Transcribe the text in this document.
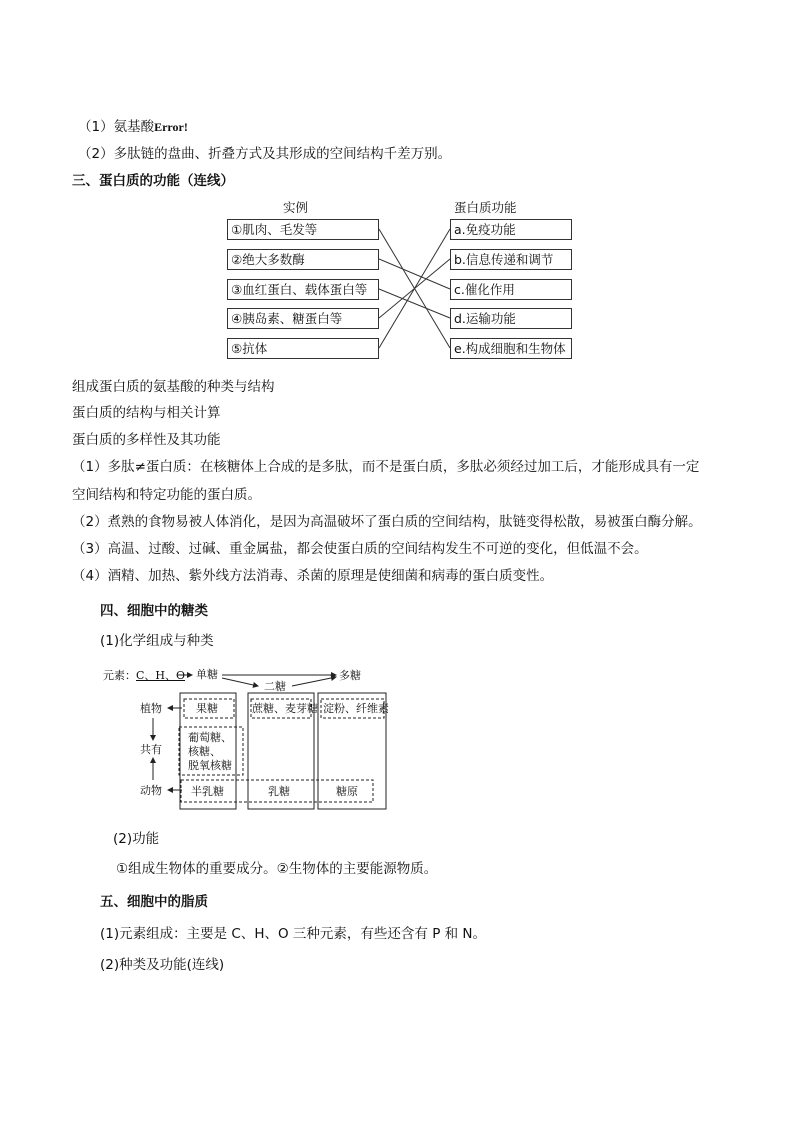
（1）氨基酸Error!
（2）多肽链的盘曲、折叠方式及其形成的空间结构千差万别。
三、蛋白质的功能（连线）
实例	蛋白质功能
①肌肉、毛发等
②绝大多数酶
③血红蛋白、载体蛋白等
④胰岛素、糖蛋白等
⑤抗体
a.免疫功能
b.信息传递和调节
c.催化作用
d.运输功能
e.构成细胞和生物体
组成蛋白质的氨基酸的种类与结构
蛋白质的结构与相关计算
蛋白质的多样性及其功能
（1）多肽≠蛋白质：在核糖体上合成的是多肽，而不是蛋白质，多肽必须经过加工后，才能形成具有一定
空间结构和特定功能的蛋白质。
（2）煮熟的食物易被人体消化，是因为高温破坏了蛋白质的空间结构，肽链变得松散，易被蛋白酶分解。
（3）高温、过酸、过碱、重金属盐，都会使蛋白质的空间结构发生不可逆的变化，但低温不会。
（4）酒精、加热、紫外线方法消毒、杀菌的原理是使细菌和病毒的蛋白质变性。
四、细胞中的糖类
(1)化学组成与种类
元素：C、H、O 单糖
二糖
多糖
植物
共有
动物
果糖	蔗糖、麦芽糖 淀粉、纤维素
葡萄糖、
核糖、
脱氧核糖
半乳糖	乳糖	糖原
(2)功能
①组成生物体的重要成分。②生物体的主要能源物质。
五、细胞中的脂质
(1)元素组成：主要是 C、H、O 三种元素，有些还含有 P 和 N。
(2)种类及功能(连线)
